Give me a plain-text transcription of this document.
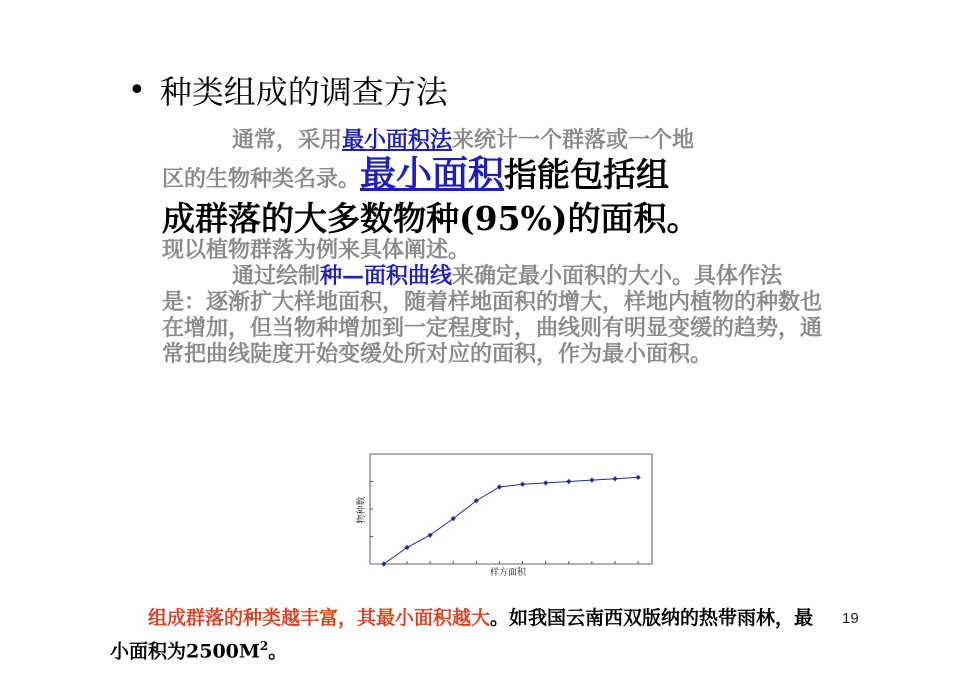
• 种类组成的调查方法
通常，采用最小面积法来统计一个群落或一个地
区的生物种类名录。最小面积指能包括组
成群落的大多数物种(95%)的面积。
现以植物群落为例来具体阐述。
通过绘制种—面积曲线来确定最小面积的大小。具体作法是：逐渐扩大样地面积，随着样地面积的增大，样地内植物的种数也在增加，但当物种增加到一定程度时，曲线则有明显变缓的趋势，通常把曲线陡度开始变缓处所对应的面积，作为最小面积。
物种数
样方面积
组成群落的种类越丰富，其最小面积越大。如我国云南西双版纳的热带雨林，最小面积为$2500M^2$。
19
